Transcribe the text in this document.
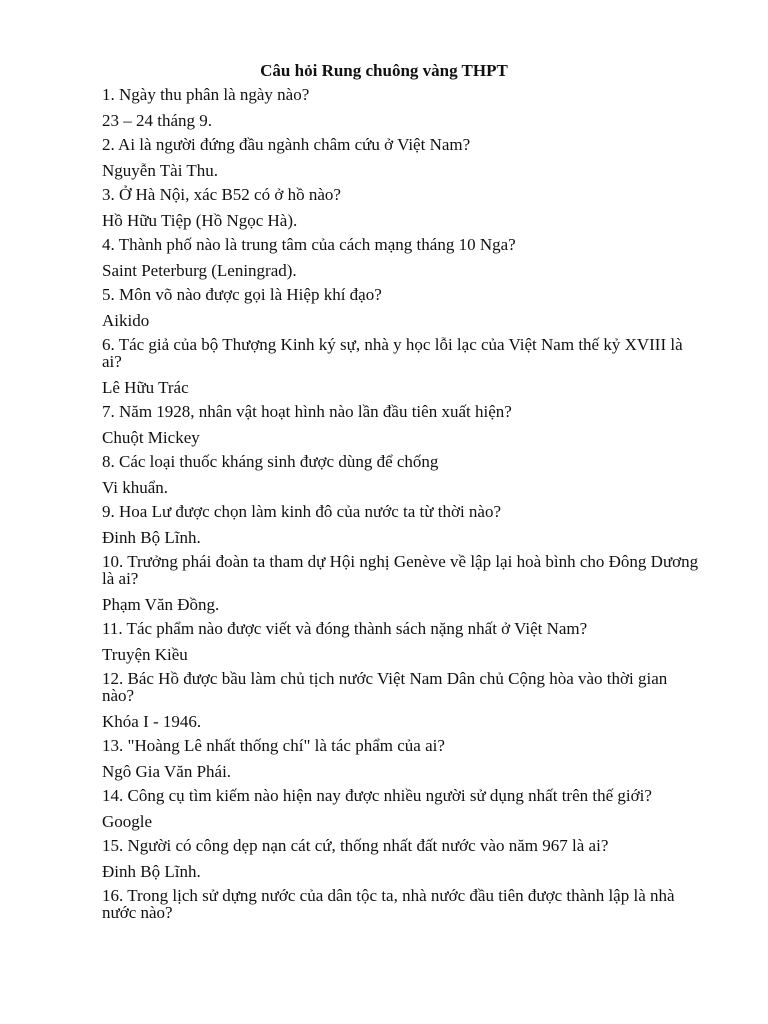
Câu hỏi Rung chuông vàng THPT

1. Ngày thu phân là ngày nào?

23 – 24 tháng 9.

2. Ai là người đứng đầu ngành châm cứu ở Việt Nam?

Nguyễn Tài Thu.

3. Ở Hà Nội, xác B52 có ở hồ nào?

Hồ Hữu Tiệp (Hồ Ngọc Hà).

4. Thành phố nào là trung tâm của cách mạng tháng 10 Nga?

Saint Peterburg (Leningrad).

5. Môn võ nào được gọi là Hiệp khí đạo?

Aikido

6. Tác giả của bộ Thượng Kinh ký sự, nhà y học lỗi lạc của Việt Nam thế kỷ XVIII là ai?

Lê Hữu Trác

7. Năm 1928, nhân vật hoạt hình nào lần đầu tiên xuất hiện?

Chuột Mickey

8. Các loại thuốc kháng sinh được dùng để chống

Vi khuẩn.

9. Hoa Lư được chọn làm kinh đô của nước ta từ thời nào?

Đinh Bộ Lĩnh.

10. Trưởng phái đoàn ta tham dự Hội nghị Genève về lập lại hoà bình cho Đông Dương là ai?

Phạm Văn Đồng.

11. Tác phẩm nào được viết và đóng thành sách nặng nhất ở Việt Nam?

Truyện Kiều

12. Bác Hồ được bầu làm chủ tịch nước Việt Nam Dân chủ Cộng hòa vào thời gian nào?

Khóa I - 1946.

13. "Hoàng Lê nhất thống chí" là tác phẩm của ai?

Ngô Gia Văn Phái.

14. Công cụ tìm kiếm nào hiện nay được nhiều người sử dụng nhất trên thế giới?

Google

15. Người có công dẹp nạn cát cứ, thống nhất đất nước vào năm 967 là ai?

Đinh Bộ Lĩnh.

16. Trong lịch sử dựng nước của dân tộc ta, nhà nước đầu tiên được thành lập là nhà nước nào?
